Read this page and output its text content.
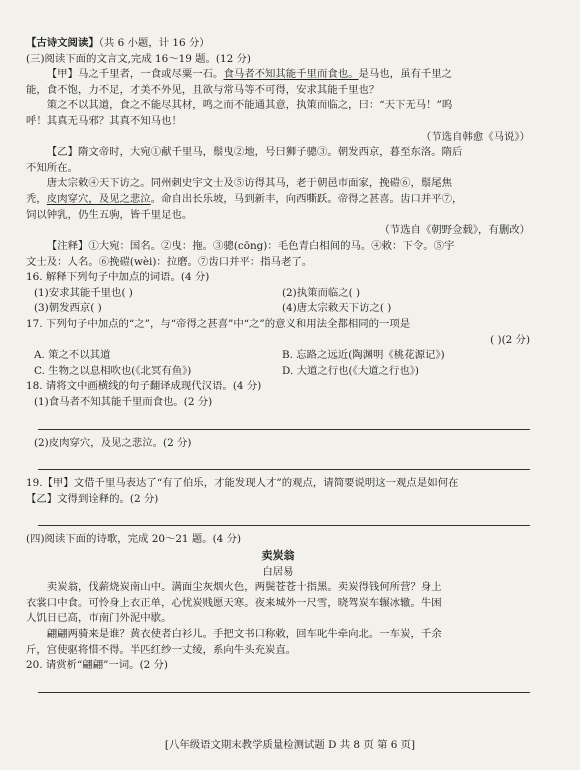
【古诗文阅读】（共 6 小题，计 16 分）
(三)阅读下面的文言文,完成 16～19 题。(12 分)
【甲】马之千里者，一食或尽粟一石。食马者不知其能千里而食也。是马也，虽有千里之
能，食不饱，力不足，才美不外见，且欲与常马等不可得，安求其能千里也？
策之不以其道，食之不能尽其材，鸣之而不能通其意，执策而临之，曰：“天下无马！”呜
呼！其真无马邪？其真不知马也！
（节选自韩愈《马说》）
【乙】隋文帝时，大宛①献千里马，鬃曳②地，号曰狮子骢③。朝发西京，暮至东洛。隋后
不知所在。
唐太宗敕④天下访之。同州刺史宇文士及⑤访得其马，老于朝邑市面家，挽磑⑥，鬃尾焦
秃，皮肉穿穴，及见之悲泣。命自出长乐坡，马到新丰，向西嘶跃。帝得之甚喜。齿口并平⑦，
饲以钟乳，仍生五驹，皆千里足也。
（节选自《朝野佥载》，有删改）
【注释】①大宛：国名。②曳：拖。③骢(cōng)：毛色青白相间的马。④敕：下令。⑤宇
文士及：人名。⑥挽磑(wèi)：拉磨。⑦齿口并平：指马老了。
16. 解释下列句子中加点的词语。(4 分)
(1)安求其能千里也( )	(2)执策而临之( )
(3)朝发西京( )	(4)唐太宗敕天下访之( )
17. 下列句子中加点的“之”，与“帝得之甚喜”中“之”的意义和用法全都相同的一项是
( )(2 分)
A. 策之不以其道	B. 忘路之远近(陶渊明《桃花源记》)
C. 生物之以息相吹也(《北冥有鱼》)	D. 大道之行也(《大道之行也》)
18. 请将文中画横线的句子翻译成现代汉语。(4 分)
(1)食马者不知其能千里而食也。(2 分)
(2)皮肉穿穴，及见之悲泣。(2 分)
19.【甲】文借千里马表达了“有了伯乐，才能发现人才”的观点，请简要说明这一观点是如何在
【乙】文得到诠释的。(2 分)
(四)阅读下面的诗歌，完成 20～21 题。(4 分)
卖炭翁
白居易
卖炭翁，伐薪烧炭南山中。满面尘灰烟火色，两鬓苍苍十指黑。卖炭得钱何所营？身上
衣裳口中食。可怜身上衣正单，心忧炭贱愿天寒。夜来城外一尺雪，晓驾炭车辗冰辙。牛困
人饥日已高，市南门外泥中歇。
翩翩两骑来是谁？黄衣使者白衫儿。手把文书口称敕，回车叱牛牵向北。一车炭，千余
斤，宫使驱将惜不得。半匹红纱一丈绫，系向牛头充炭直。
20. 请赏析“翩翩”一词。(2 分)
[八年级语文期末教学质量检测试题 D 共 8 页 第 6 页]
